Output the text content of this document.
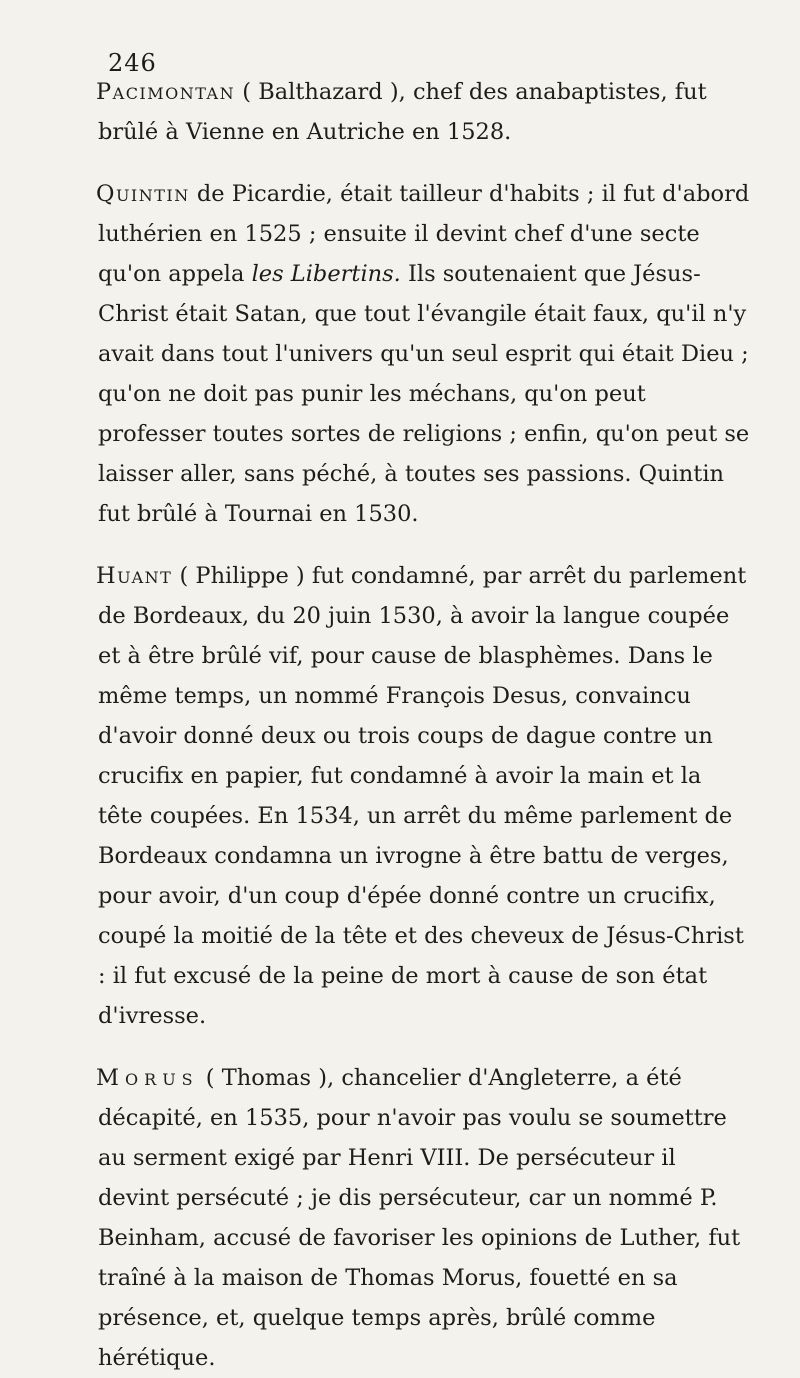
246

Pacimontan ( Balthazard ), chef des anabaptistes, fut brûlé à Vienne en Autriche en 1528.

Quintin de Picardie, était tailleur d'habits ; il fut d'abord luthérien en 1525 ; ensuite il devint chef d'une secte qu'on appela les Libertins. Ils soutenaient que Jésus-Christ était Satan, que tout l'évangile était faux, qu'il n'y avait dans tout l'univers qu'un seul esprit qui était Dieu ; qu'on ne doit pas punir les méchans, qu'on peut professer toutes sortes de religions ; enfin, qu'on peut se laisser aller, sans péché, à toutes ses passions. Quintin fut brûlé à Tournai en 1530.

Huant ( Philippe ) fut condamné, par arrêt du parlement de Bordeaux, du 20 juin 1530, à avoir la langue coupée et à être brûlé vif, pour cause de blasphèmes. Dans le même temps, un nommé François Desus, convaincu d'avoir donné deux ou trois coups de dague contre un crucifix en papier, fut condamné à avoir la main et la tête coupées. En 1534, un arrêt du même parlement de Bordeaux condamna un ivrogne à être battu de verges, pour avoir, d'un coup d'épée donné contre un crucifix, coupé la moitié de la tête et des cheveux de Jésus-Christ : il fut excusé de la peine de mort à cause de son état d'ivresse.

Morus ( Thomas ), chancelier d'Angleterre, a été décapité, en 1535, pour n'avoir pas voulu se soumettre au serment exigé par Henri VIII. De persécuteur il devint persécuté ; je dis persécuteur, car un nommé P. Beinham, accusé de favoriser les opinions de Luther, fut traîné à la maison de Thomas Morus, fouetté en sa présence, et, quelque temps après, brûlé comme hérétique.
